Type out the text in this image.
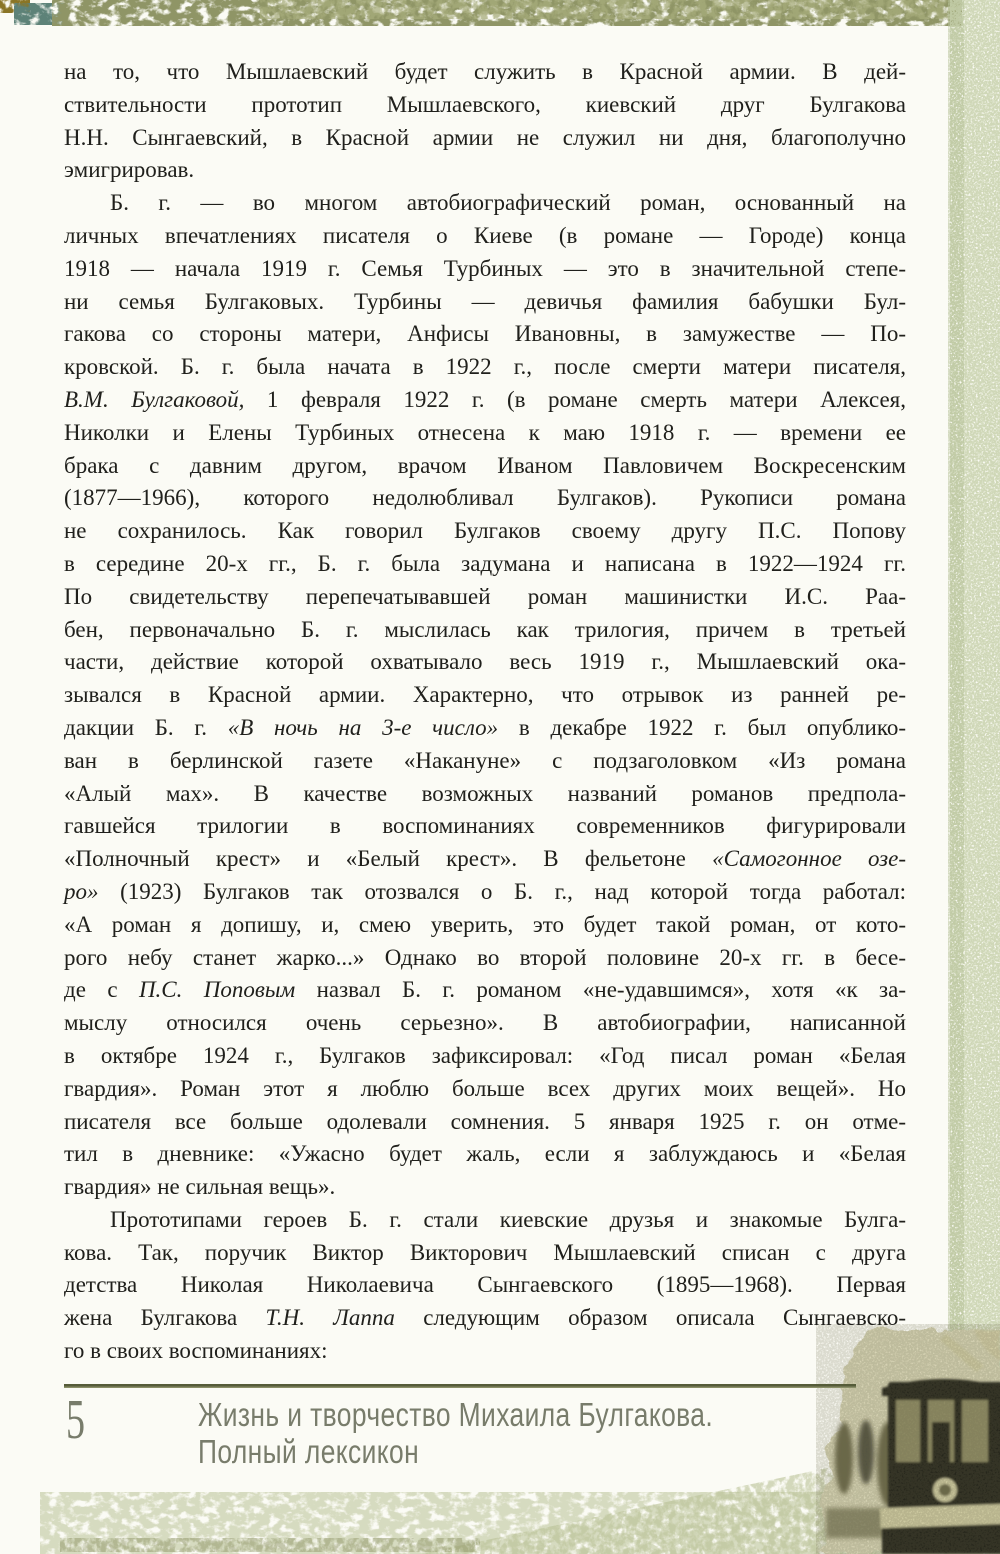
на то, что Мышлаевский будет служить в Красной армии. В дей-
ствительности прототип Мышлаевского, киевский друг Булгакова
Н.Н. Сынгаевский, в Красной армии не служил ни дня, благополучно
эмигрировав.
Б. г. — во многом автобиографический роман, основанный на
личных впечатлениях писателя о Киеве (в романе — Городе) конца
1918 — начала 1919 г. Семья Турбиных — это в значительной степе-
ни семья Булгаковых. Турбины — девичья фамилия бабушки Бул-
гакова со стороны матери, Анфисы Ивановны, в замужестве — По-
кровской. Б. г. была начата в 1922 г., после смерти матери писателя,
В.М. Булгаковой, 1 февраля 1922 г. (в романе смерть матери Алексея,
Николки и Елены Турбиных отнесена к маю 1918 г. — времени ее
брака с давним другом, врачом Иваном Павловичем Воскресенским
(1877—1966), которого недолюбливал Булгаков). Рукописи романа
не сохранилось. Как говорил Булгаков своему другу П.С. Попову
в середине 20-х гг., Б. г. была задумана и написана в 1922—1924 гг.
По свидетельству перепечатывавшей роман машинистки И.С. Раа-
бен, первоначально Б. г. мыслилась как трилогия, причем в третьей
части, действие которой охватывало весь 1919 г., Мышлаевский ока-
зывался в Красной армии. Характерно, что отрывок из ранней ре-
дакции Б. г. «В ночь на 3-е число» в декабре 1922 г. был опублико-
ван в берлинской газете «Накануне» с подзаголовком «Из романа
«Алый мах». В качестве возможных названий романов предпола-
гавшейся трилогии в воспоминаниях современников фигурировали
«Полночный крест» и «Белый крест». В фельетоне «Самогонное озе-
ро» (1923) Булгаков так отозвался о Б. г., над которой тогда работал:
«А роман я допишу, и, смею уверить, это будет такой роман, от кото-
рого небу станет жарко...» Однако во второй половине 20-х гг. в бесе-
де с П.С. Поповым назвал Б. г. романом «не-удавшимся», хотя «к за-
мыслу относился очень серьезно». В автобиографии, написанной
в октябре 1924 г., Булгаков зафиксировал: «Год писал роман «Белая
гвардия». Роман этот я люблю больше всех других моих вещей». Но
писателя все больше одолевали сомнения. 5 января 1925 г. он отме-
тил в дневнике: «Ужасно будет жаль, если я заблуждаюсь и «Белая
гвардия» не сильная вещь».
Прототипами героев Б. г. стали киевские друзья и знакомые Булга-
кова. Так, поручик Виктор Викторович Мышлаевский списан с друга
детства Николая Николаевича Сынгаевского (1895—1968). Первая
жена Булгакова Т.Н. Лаппа следующим образом описала Сынгаевско-
го в своих воспоминаниях:
5	Жизнь и творчество Михаила Булгакова.
Полный лексикон
